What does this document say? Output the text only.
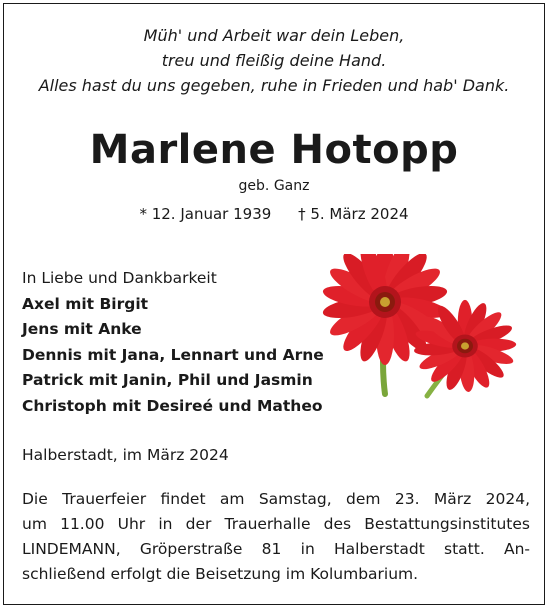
Müh' und Arbeit war dein Leben,
treu und fleißig deine Hand.
Alles hast du uns gegeben, ruhe in Frieden und hab' Dank.
Marlene Hotopp
geb. Ganz
* 12. Januar 1939 † 5. März 2024
In Liebe und Dankbarkeit
Axel mit Birgit
Jens mit Anke
Dennis mit Jana, Lennart und Arne
Patrick mit Janin, Phil und Jasmin
Christoph mit Desireé und Matheo
Halberstadt, im März 2024
Die Trauerfeier findet am Samstag, dem 23. März 2024,
um 11.00 Uhr in der Trauerhalle des Bestattungsinstitutes
LINDEMANN, Gröperstraße 81 in Halberstadt statt. An-
schließend erfolgt die Beisetzung im Kolumbarium.
